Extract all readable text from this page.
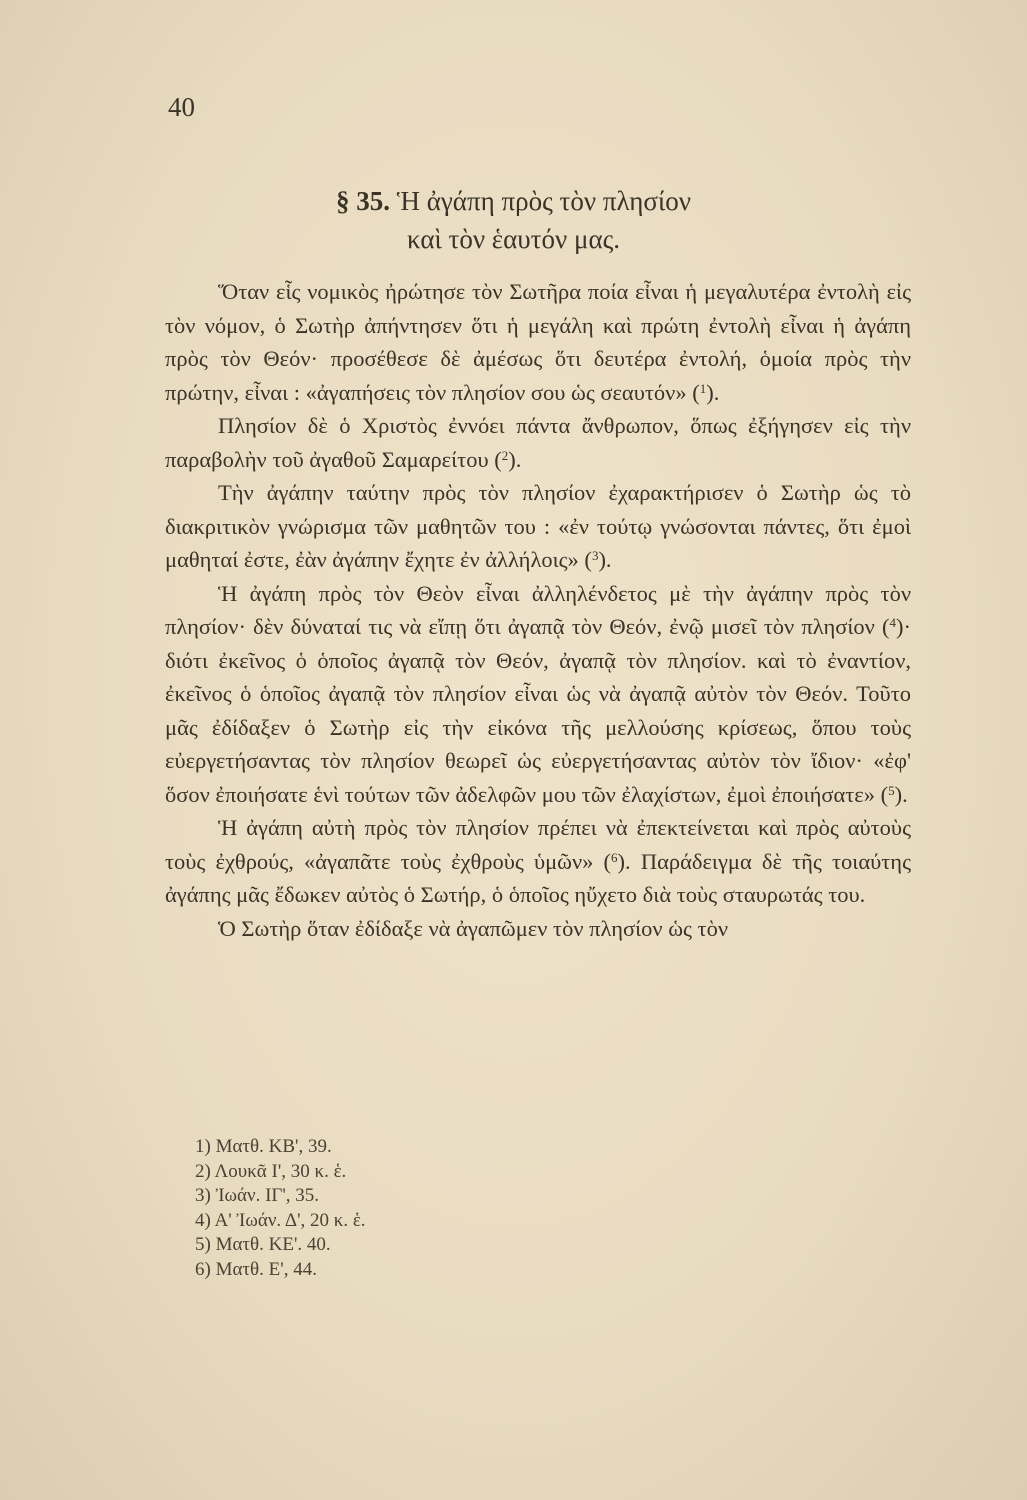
40
§ 35. Ἡ ἀγάπη πρὸς τὸν πλησίον
καὶ τὸν ἑαυτόν μας.

Ὅταν εἷς νομικὸς ἠρώτησε τὸν Σωτῆρα ποία εἶναι ἡ μεγαλυτέρα ἐντολὴ εἰς τὸν νόμον, ὁ Σωτὴρ ἀπήντησεν ὅτι ἡ μεγάλη καὶ πρώτη ἐντολὴ εἶναι ἡ ἀγάπη πρὸς τὸν Θεόν· προσέθεσε δὲ ἀμέσως ὅτι δευτέρα ἐντολή, ὁμοία πρὸς τὴν πρώτην, εἶναι : «ἀγαπήσεις τὸν πλησίον σου ὡς σεαυτόν» ($^1$).

Πλησίον δὲ ὁ Χριστὸς ἐννόει πάντα ἄνθρωπον, ὅπως ἐξήγησεν εἰς τὴν παραβολὴν τοῦ ἀγαθοῦ Σαμαρείτου ($^2$).

Τὴν ἀγάπην ταύτην πρὸς τὸν πλησίον ἐχαρακτήρισεν ὁ Σωτὴρ ὡς τὸ διακριτικὸν γνώρισμα τῶν μαθητῶν του : «ἐν τούτῳ γνώσονται πάντες, ὅτι ἐμοὶ μαθηταί ἐστε, ἐὰν ἀγάπην ἔχητε ἐν ἀλλήλοις» ($^3$).

Ἡ ἀγάπη πρὸς τὸν Θεὸν εἶναι ἀλληλένδετος μὲ τὴν ἀγάπην πρὸς τὸν πλησίον· δὲν δύναταί τις νὰ εἴπῃ ὅτι ἀγαπᾷ τὸν Θεόν, ἐνῷ μισεῖ τὸν πλησίον ($^4$)· διότι ἐκεῖνος ὁ ὁποῖος ἀγαπᾷ τὸν Θεόν, ἀγαπᾷ τὸν πλησίον. καὶ τὸ ἐναντίον, ἐκεῖνος ὁ ὁποῖος ἀγαπᾷ τὸν πλησίον εἶναι ὡς νὰ ἀγαπᾷ αὐτὸν τὸν Θεόν. Τοῦτο μᾶς ἐδίδαξεν ὁ Σωτὴρ εἰς τὴν εἰκόνα τῆς μελλούσης κρίσεως, ὅπου τοὺς εὐεργετήσαντας τὸν πλησίον θεωρεῖ ὡς εὐεργετήσαντας αὐτὸν τὸν ἴδιον· «ἐφ' ὅσον ἐποιήσατε ἑνὶ τούτων τῶν ἀδελφῶν μου τῶν ἐλαχίστων, ἐμοὶ ἐποιήσατε» ($^5$).

Ἡ ἀγάπη αὐτὴ πρὸς τὸν πλησίον πρέπει νὰ ἐπεκτείνεται καὶ πρὸς αὐτοὺς τοὺς ἐχθρούς, «ἀγαπᾶτε τοὺς ἐχθροὺς ὑμῶν» ($^6$). Παράδειγμα δὲ τῆς τοιαύτης ἀγάπης μᾶς ἔδωκεν αὐτὸς ὁ Σωτήρ, ὁ ὁποῖος ηὔχετο διὰ τοὺς σταυρωτάς του.

Ὁ Σωτὴρ ὅταν ἐδίδαξε νὰ ἀγαπῶμεν τὸν πλησίον ὡς τὸν

1) Ματθ. ΚΒ', 39.

2) Λουκᾶ Ι', 30 κ. ἑ.

3) Ἰωάν. ΙΓ', 35.

4) Α' Ἰωάν. Δ', 20 κ. ἑ.

5) Ματθ. ΚΕ'. 40.

6) Ματθ. Ε', 44.
